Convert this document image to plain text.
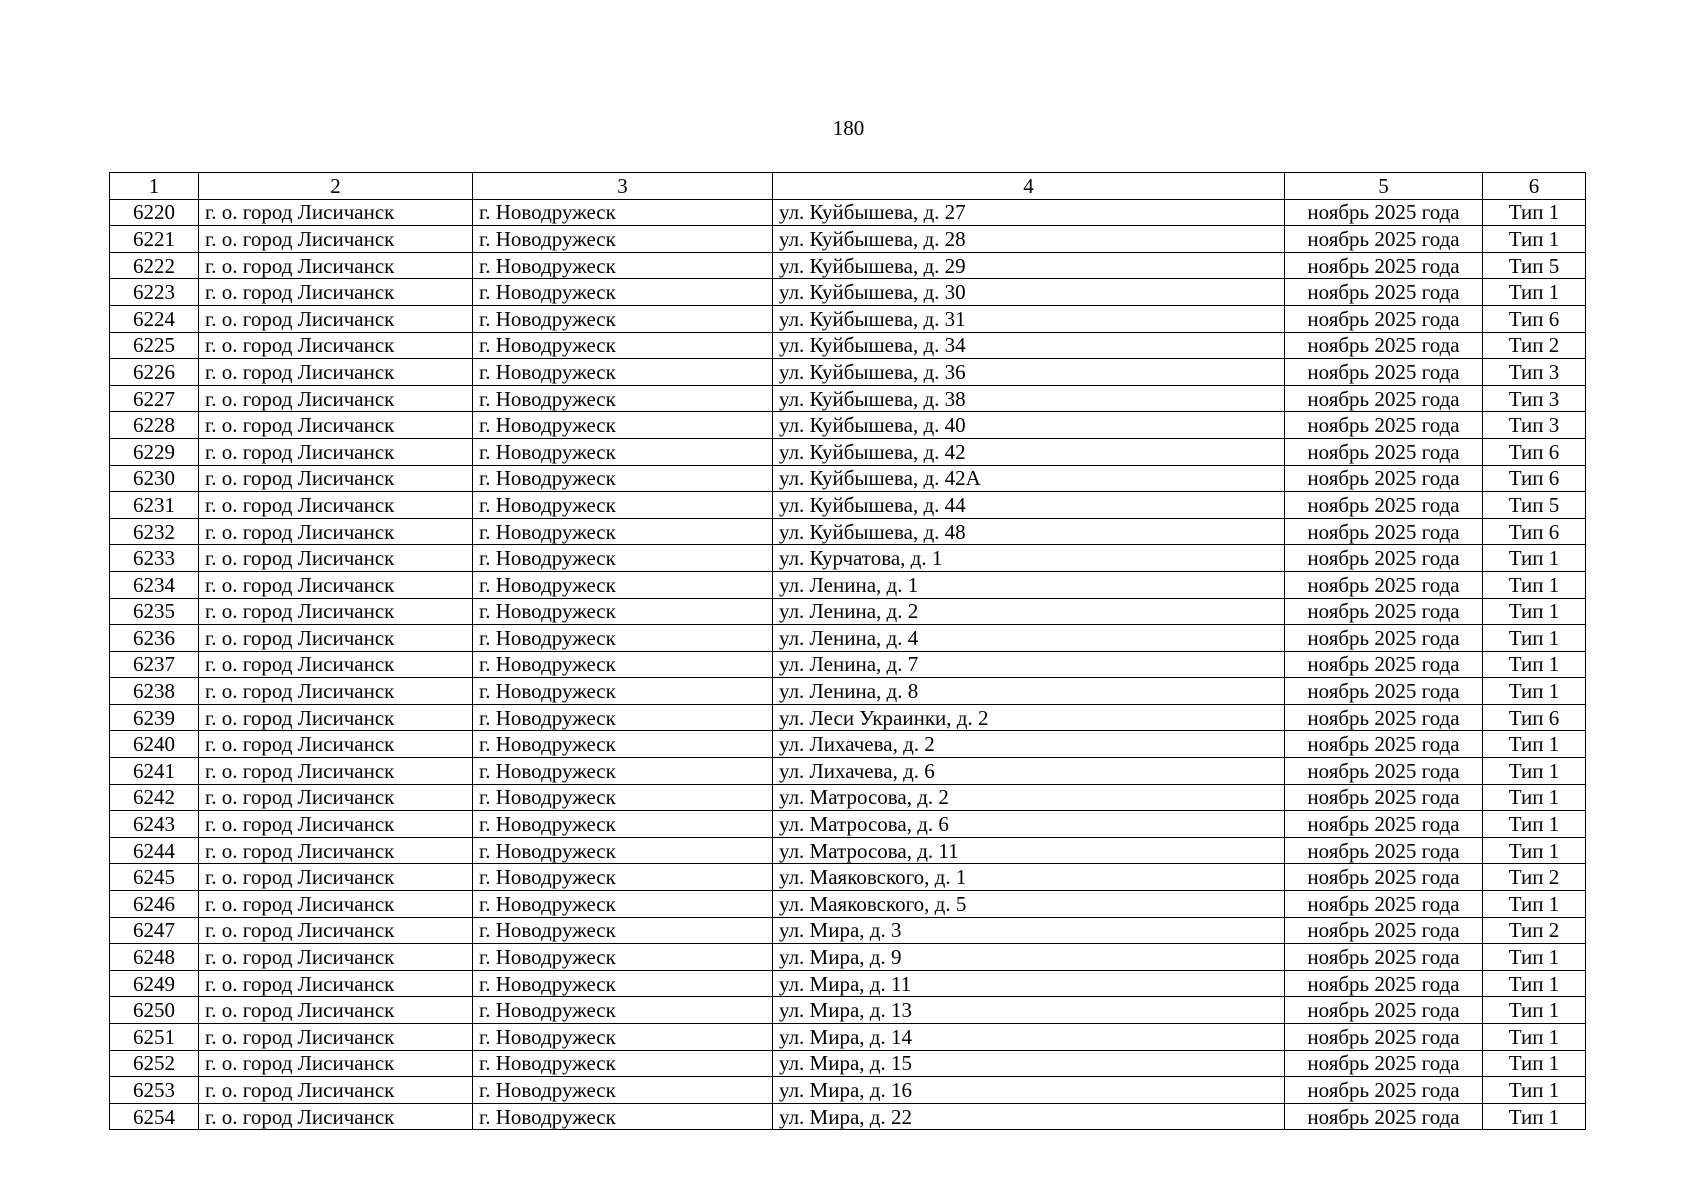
180
1	2	3	4	5	6
6220	г. о. город Лисичанск	г. Новодружеск	ул. Куйбышева, д. 27	ноябрь 2025 года	Тип 1
6221	г. о. город Лисичанск	г. Новодружеск	ул. Куйбышева, д. 28	ноябрь 2025 года	Тип 1
6222	г. о. город Лисичанск	г. Новодружеск	ул. Куйбышева, д. 29	ноябрь 2025 года	Тип 5
6223	г. о. город Лисичанск	г. Новодружеск	ул. Куйбышева, д. 30	ноябрь 2025 года	Тип 1
6224	г. о. город Лисичанск	г. Новодружеск	ул. Куйбышева, д. 31	ноябрь 2025 года	Тип 6
6225	г. о. город Лисичанск	г. Новодружеск	ул. Куйбышева, д. 34	ноябрь 2025 года	Тип 2
6226	г. о. город Лисичанск	г. Новодружеск	ул. Куйбышева, д. 36	ноябрь 2025 года	Тип 3
6227	г. о. город Лисичанск	г. Новодружеск	ул. Куйбышева, д. 38	ноябрь 2025 года	Тип 3
6228	г. о. город Лисичанск	г. Новодружеск	ул. Куйбышева, д. 40	ноябрь 2025 года	Тип 3
6229	г. о. город Лисичанск	г. Новодружеск	ул. Куйбышева, д. 42	ноябрь 2025 года	Тип 6
6230	г. о. город Лисичанск	г. Новодружеск	ул. Куйбышева, д. 42А	ноябрь 2025 года	Тип 6
6231	г. о. город Лисичанск	г. Новодружеск	ул. Куйбышева, д. 44	ноябрь 2025 года	Тип 5
6232	г. о. город Лисичанск	г. Новодружеск	ул. Куйбышева, д. 48	ноябрь 2025 года	Тип 6
6233	г. о. город Лисичанск	г. Новодружеск	ул. Курчатова, д. 1	ноябрь 2025 года	Тип 1
6234	г. о. город Лисичанск	г. Новодружеск	ул. Ленина, д. 1	ноябрь 2025 года	Тип 1
6235	г. о. город Лисичанск	г. Новодружеск	ул. Ленина, д. 2	ноябрь 2025 года	Тип 1
6236	г. о. город Лисичанск	г. Новодружеск	ул. Ленина, д. 4	ноябрь 2025 года	Тип 1
6237	г. о. город Лисичанск	г. Новодружеск	ул. Ленина, д. 7	ноябрь 2025 года	Тип 1
6238	г. о. город Лисичанск	г. Новодружеск	ул. Ленина, д. 8	ноябрь 2025 года	Тип 1
6239	г. о. город Лисичанск	г. Новодружеск	ул. Леси Украинки, д. 2	ноябрь 2025 года	Тип 6
6240	г. о. город Лисичанск	г. Новодружеск	ул. Лихачева, д. 2	ноябрь 2025 года	Тип 1
6241	г. о. город Лисичанск	г. Новодружеск	ул. Лихачева, д. 6	ноябрь 2025 года	Тип 1
6242	г. о. город Лисичанск	г. Новодружеск	ул. Матросова, д. 2	ноябрь 2025 года	Тип 1
6243	г. о. город Лисичанск	г. Новодружеск	ул. Матросова, д. 6	ноябрь 2025 года	Тип 1
6244	г. о. город Лисичанск	г. Новодружеск	ул. Матросова, д. 11	ноябрь 2025 года	Тип 1
6245	г. о. город Лисичанск	г. Новодружеск	ул. Маяковского, д. 1	ноябрь 2025 года	Тип 2
6246	г. о. город Лисичанск	г. Новодружеск	ул. Маяковского, д. 5	ноябрь 2025 года	Тип 1
6247	г. о. город Лисичанск	г. Новодружеск	ул. Мира, д. 3	ноябрь 2025 года	Тип 2
6248	г. о. город Лисичанск	г. Новодружеск	ул. Мира, д. 9	ноябрь 2025 года	Тип 1
6249	г. о. город Лисичанск	г. Новодружеск	ул. Мира, д. 11	ноябрь 2025 года	Тип 1
6250	г. о. город Лисичанск	г. Новодружеск	ул. Мира, д. 13	ноябрь 2025 года	Тип 1
6251	г. о. город Лисичанск	г. Новодружеск	ул. Мира, д. 14	ноябрь 2025 года	Тип 1
6252	г. о. город Лисичанск	г. Новодружеск	ул. Мира, д. 15	ноябрь 2025 года	Тип 1
6253	г. о. город Лисичанск	г. Новодружеск	ул. Мира, д. 16	ноябрь 2025 года	Тип 1
6254	г. о. город Лисичанск	г. Новодружеск	ул. Мира, д. 22	ноябрь 2025 года	Тип 1
